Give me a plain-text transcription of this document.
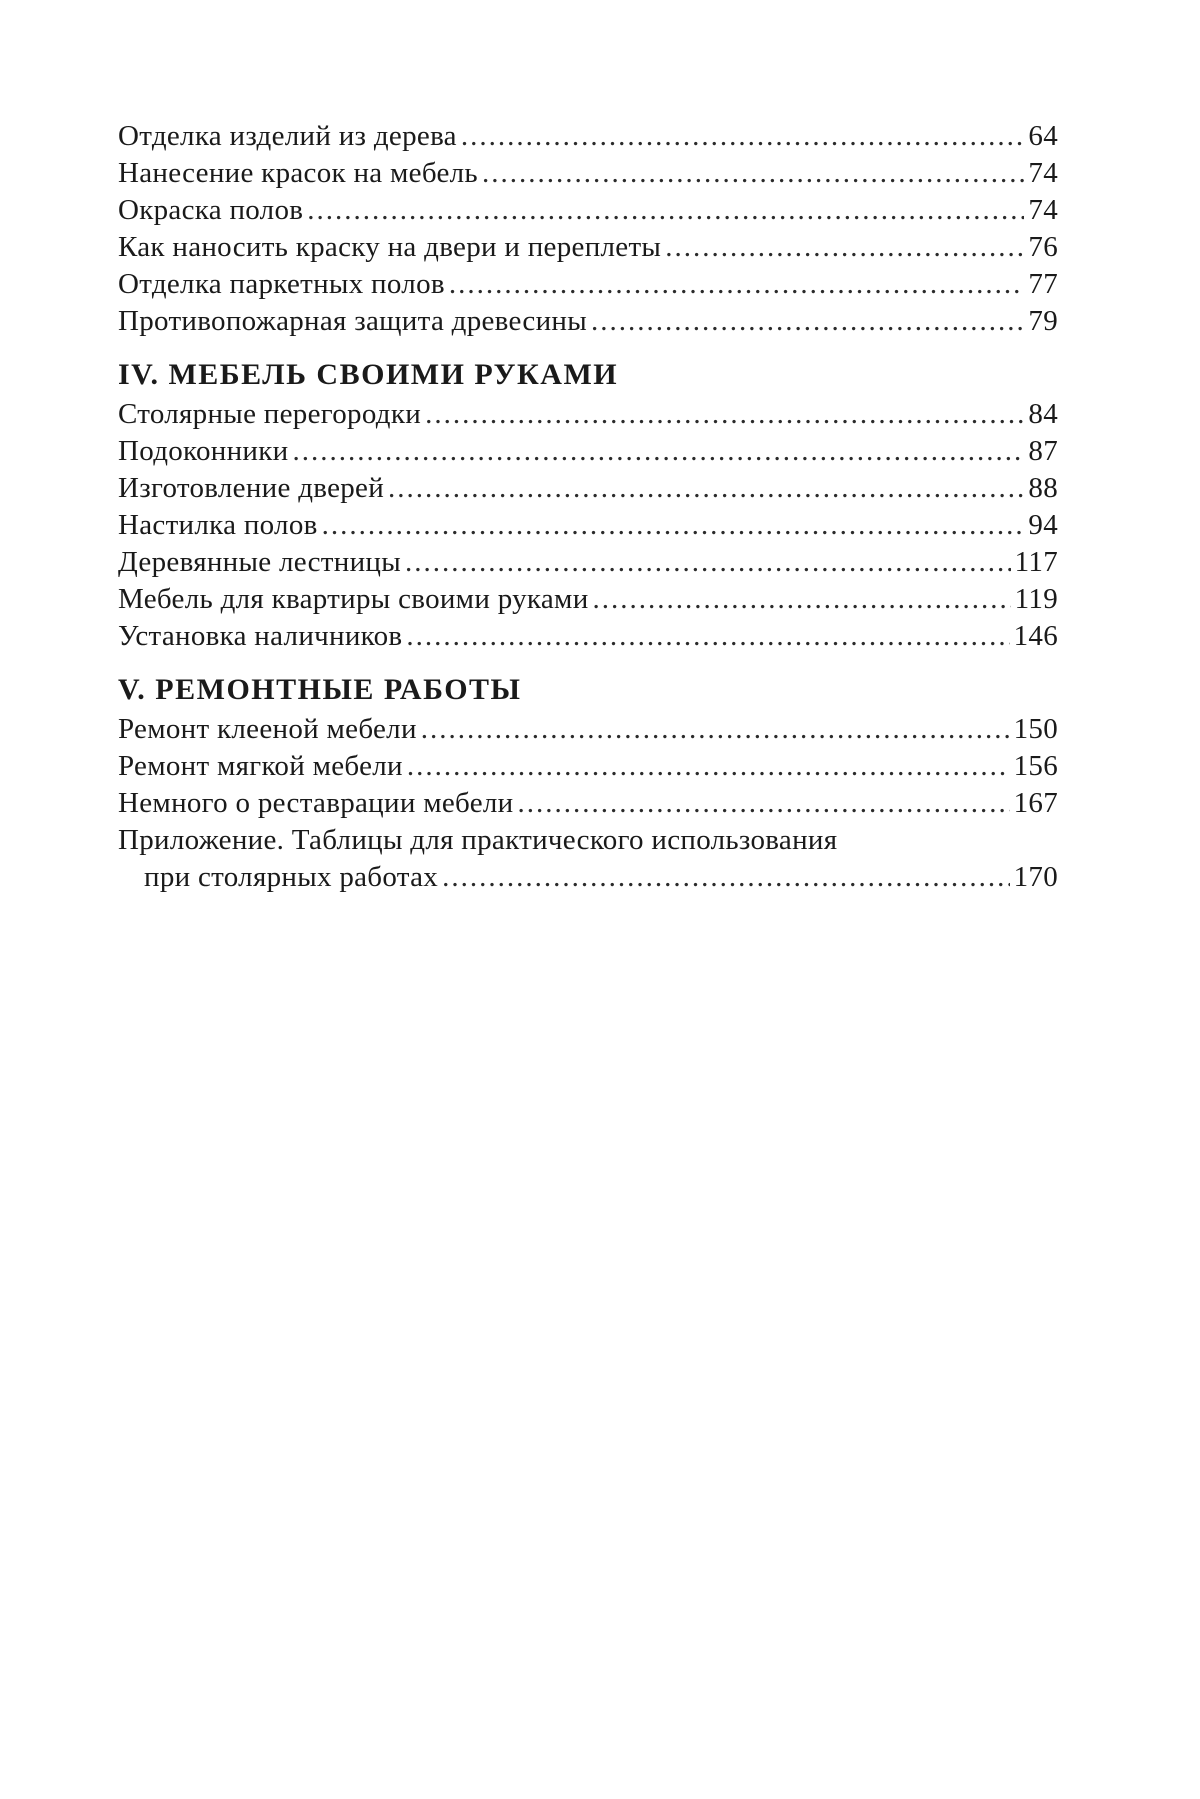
Отделка изделий из дерева .....	64
Нанесение красок на мебель .....	74
Окраска полов .....	74
Как наносить краску на двери и переплеты .....	76
Отделка паркетных полов .....	77
Противопожарная защита древесины .....	79
IV. МЕБЕЛЬ СВОИМИ РУКАМИ
Столярные перегородки .....	84
Подоконники .....	87
Изготовление дверей .....	88
Настилка полов .....	94
Деревянные лестницы .....	117
Мебель для квартиры своими руками .....	119
Установка наличников .....	146
V. РЕМОНТНЫЕ РАБОТЫ
Ремонт клееной мебели .....	150
Ремонт мягкой мебели .....	156
Немного о реставрации мебели .....	167
Приложение. Таблицы для практического использования
при столярных работах .....	170
